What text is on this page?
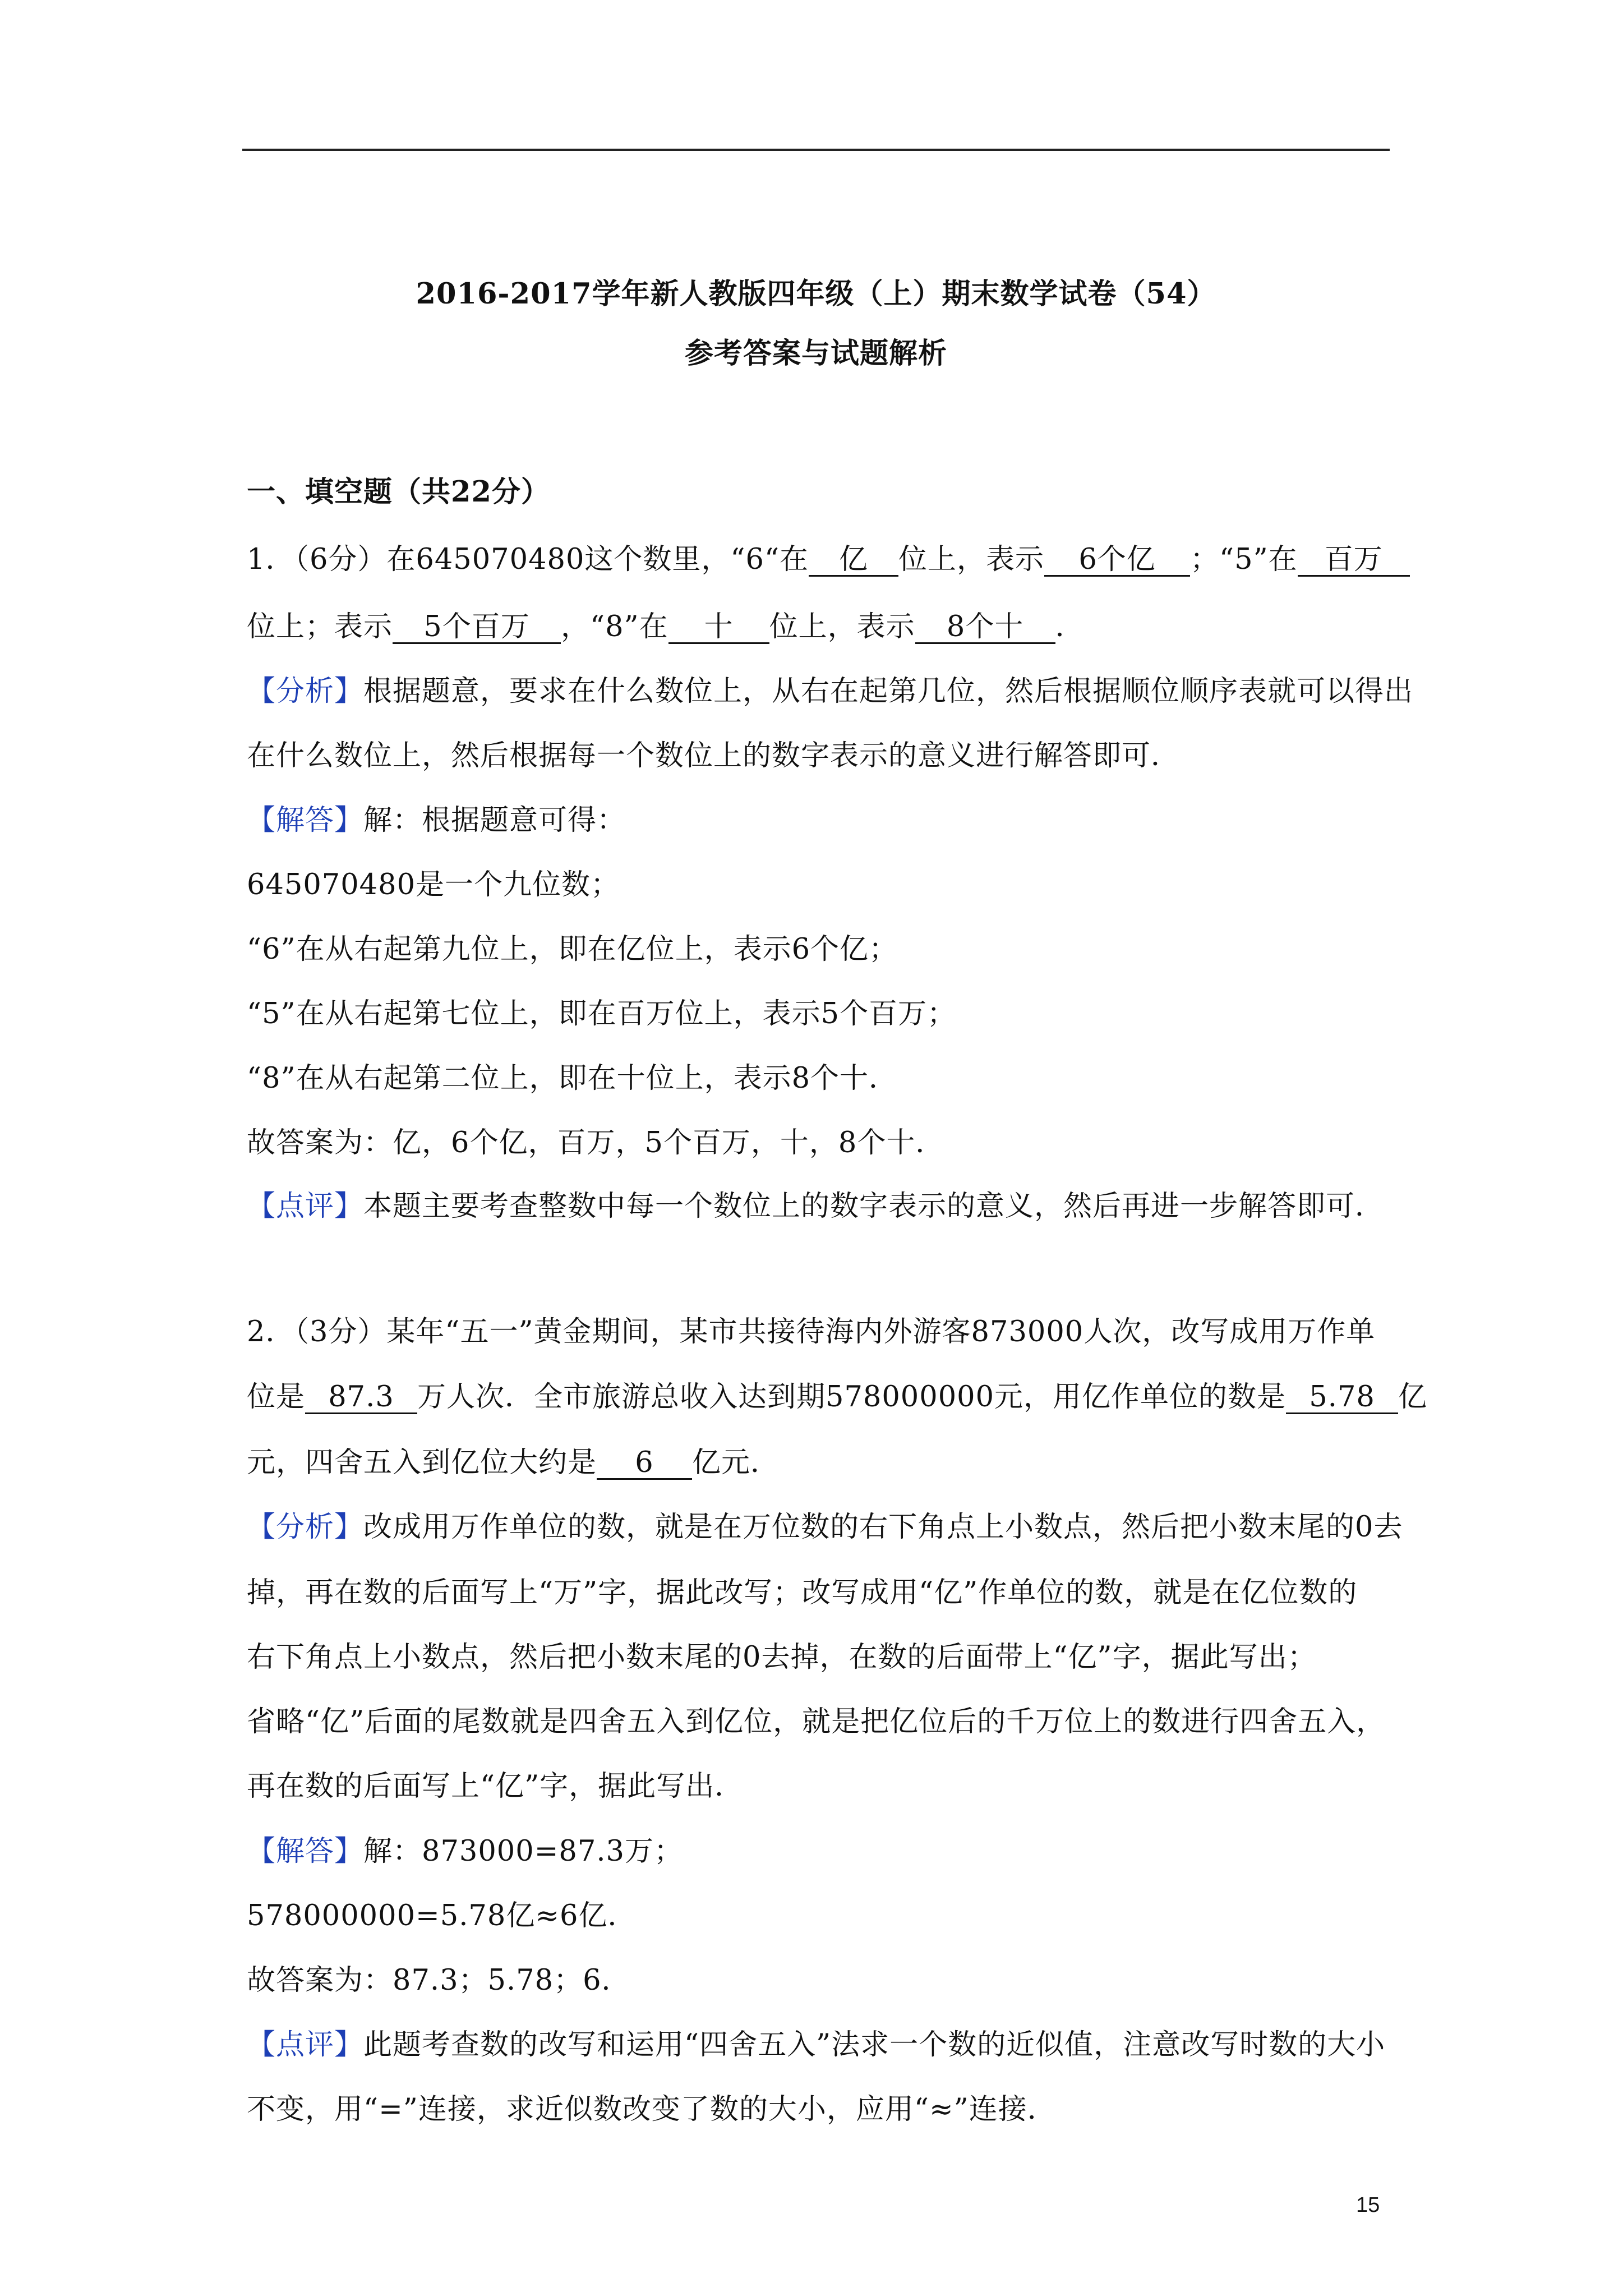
2016-2017学年新人教版四年级（上）期末数学试卷（54）
参考答案与试题解析
一、填空题（共22分）
1．（6分）在645070480这个数里，“6“在 亿 位上，表示 6个亿 ；“5”在 百万
位上；表示 5个百万 ，“8”在 十 位上，表示 8个十 ．
【分析】根据题意，要求在什么数位上，从右在起第几位，然后根据顺位顺序表就可以得出
在什么数位上，然后根据每一个数位上的数字表示的意义进行解答即可．
【解答】解：根据题意可得：
645070480是一个九位数；
“6”在从右起第九位上，即在亿位上，表示6个亿；
“5”在从右起第七位上，即在百万位上，表示5个百万；
“8”在从右起第二位上，即在十位上，表示8个十．
故答案为：亿，6个亿，百万，5个百万，十，8个十．
【点评】本题主要考查整数中每一个数位上的数字表示的意义，然后再进一步解答即可．
2．（3分）某年“五一”黄金期间，某市共接待海内外游客873000人次，改写成用万作单
位是 87.3 万人次．全市旅游总收入达到期578000000元，用亿作单位的数是 5.78 亿
元，四舍五入到亿位大约是 6 亿元．
【分析】改成用万作单位的数，就是在万位数的右下角点上小数点，然后把小数末尾的0去
掉，再在数的后面写上“万”字，据此改写；改写成用“亿”作单位的数，就是在亿位数的
右下角点上小数点，然后把小数末尾的0去掉，在数的后面带上“亿”字，据此写出；
省略“亿”后面的尾数就是四舍五入到亿位，就是把亿位后的千万位上的数进行四舍五入，
再在数的后面写上“亿”字，据此写出．
【解答】解：873000=87.3万；
578000000=5.78亿≈6亿．
故答案为：87.3；5.78；6．
【点评】此题考查数的改写和运用“四舍五入”法求一个数的近似值，注意改写时数的大小
不变，用“=”连接，求近似数改变了数的大小，应用“≈”连接．
15
